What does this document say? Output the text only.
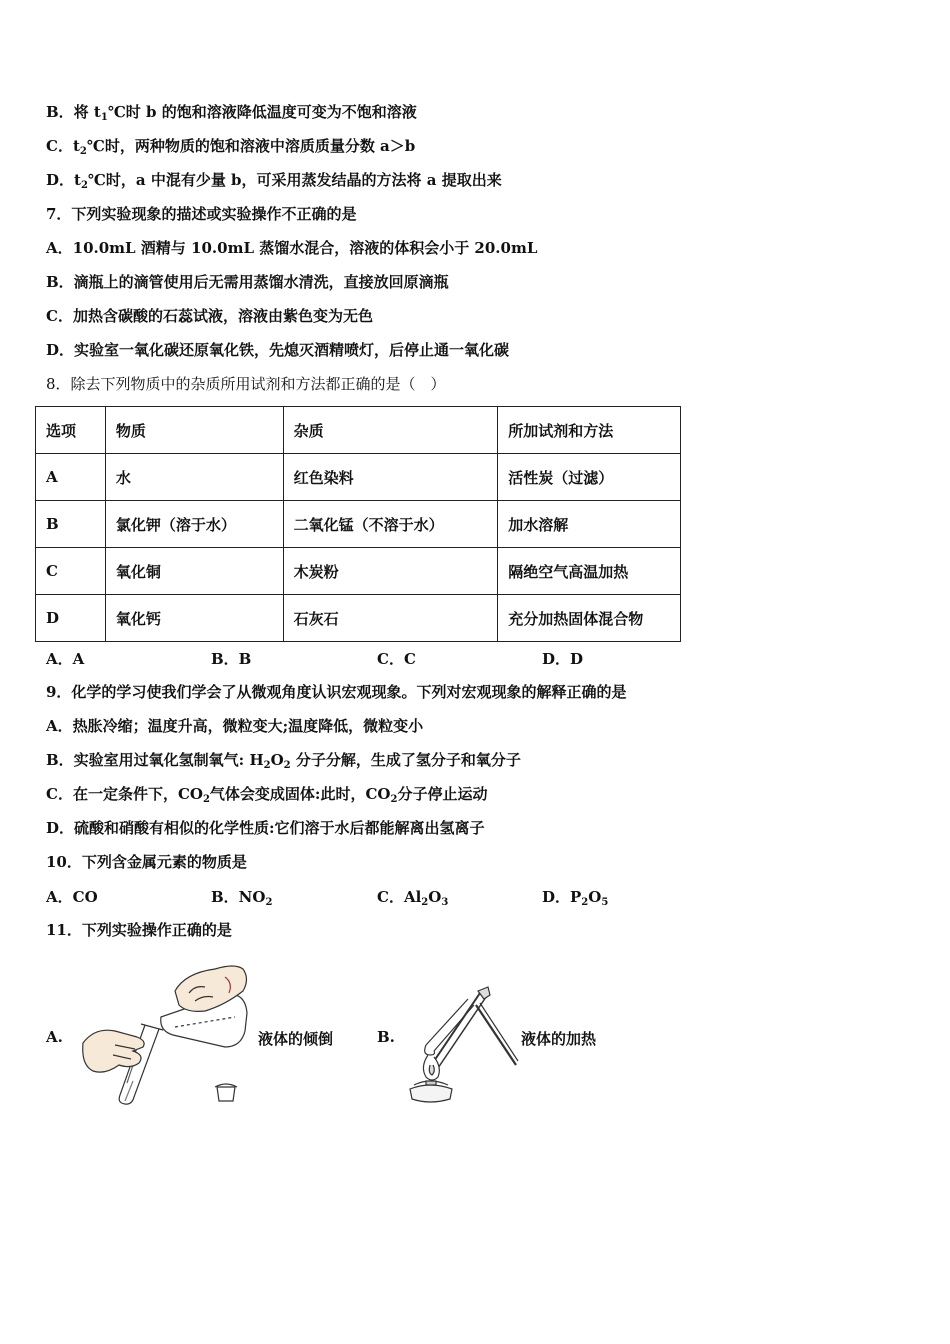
B．将 $t_1℃$时 b 的饱和溶液降低温度可变为不饱和溶液
C．$t_2℃$时，两种物质的饱和溶液中溶质质量分数 a＞b
D．$t_2℃$时，a 中混有少量 b，可采用蒸发结晶的方法将 a 提取出来
7．下列实验现象的描述或实验操作不正确的是
A．10.0mL 酒精与 10.0mL 蒸馏水混合，溶液的体积会小于 20.0mL
B．滴瓶上的滴管使用后无需用蒸馏水清洗，直接放回原滴瓶
C．加热含碳酸的石蕊试液，溶液由紫色变为无色
D．实验室一氧化碳还原氧化铁，先熄灭酒精喷灯，后停止通一氧化碳
8．除去下列物质中的杂质所用试剂和方法都正确的是（　）
选项	物质	杂质	所加试剂和方法
A	水	红色染料	活性炭（过滤）
B	氯化钾（溶于水）	二氧化锰（不溶于水）	加水溶解
C	氧化铜	木炭粉	隔绝空气高温加热
D	氧化钙	石灰石	充分加热固体混合物
A．A	B．B	C．C	D．D
9．化学的学习使我们学会了从微观角度认识宏观现象。下列对宏观现象的解释正确的是
A．热胀冷缩；温度升高，微粒变大;温度降低，微粒变小
B．实验室用过氧化氢制氧气: $H_2O_2$ 分子分解，生成了氢分子和氧分子
C．在一定条件下，$CO_2$气体会变成固体:此时，$CO_2$分子停止运动
D．硫酸和硝酸有相似的化学性质:它们溶于水后都能解离出氢离子
10．下列含金属元素的物质是
A．CO	B．$NO_2$	C．$Al_2O_3$	D．$P_2O_5$
11．下列实验操作正确的是
A.	液体的倾倒	B.	液体的加热
